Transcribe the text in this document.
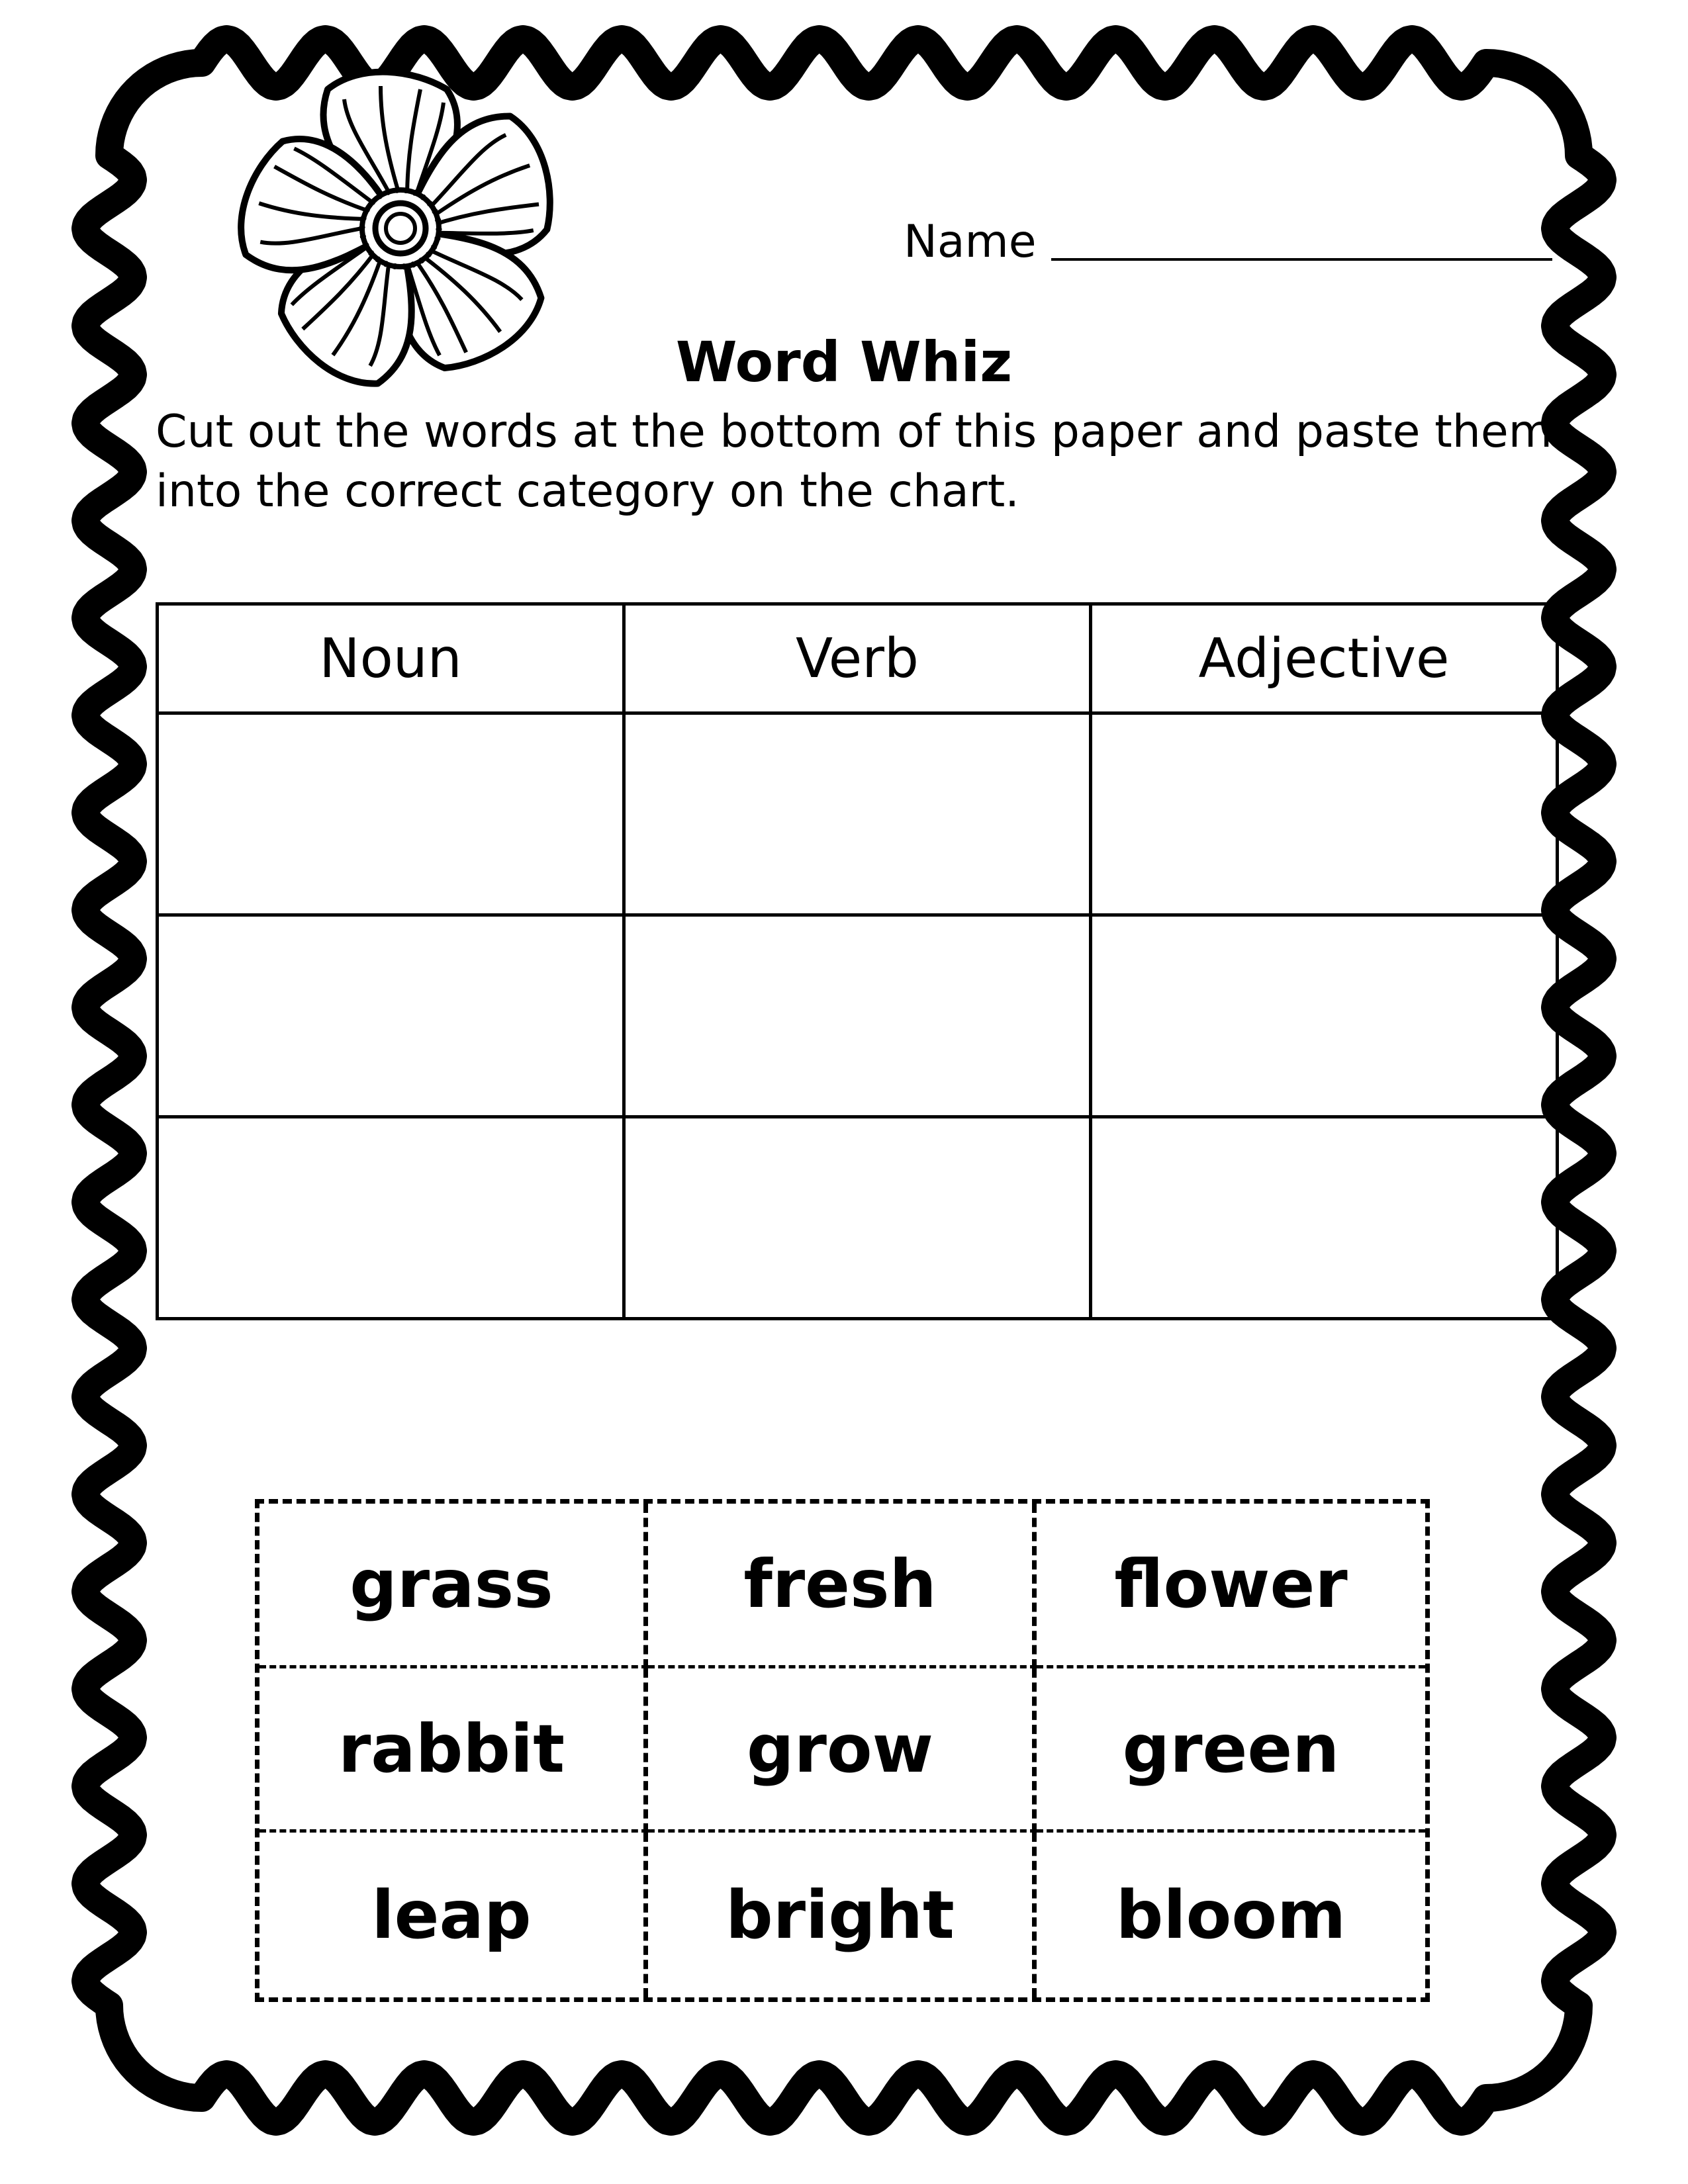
Name
Word Whiz
Cut out the words at the bottom of this paper and paste them into the correct category on the chart.
Noun	Verb	Adjective

grass	fresh	flower
rabbit	grow	green
leap	bright	bloom
